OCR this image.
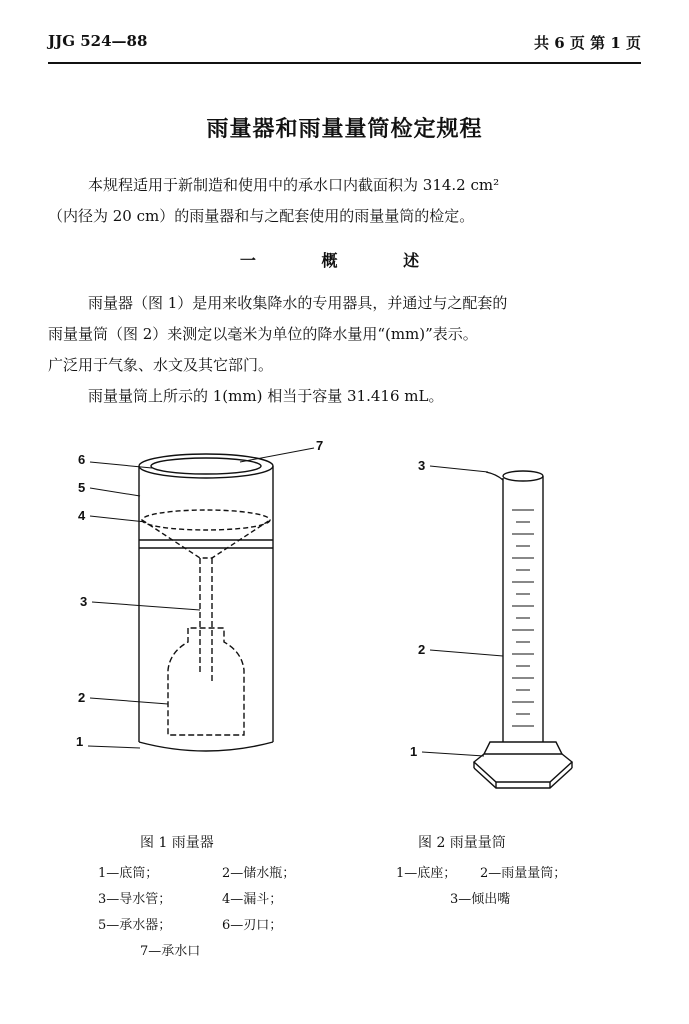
JJG 524—88	共 6 页 第 1 页
雨量器和雨量量筒检定规程
本规程适用于新制造和使用中的承水口内截面积为 314.2 cm²
（内径为 20 cm）的雨量器和与之配套使用的雨量量筒的检定。
一 概 述
雨量器（图 1）是用来收集降水的专用器具，并通过与之配套的
雨量量筒（图 2）来测定以毫米为单位的降水量用“(mm)”表示。
广泛用于气象、水文及其它部门。
雨量量筒上所示的 1(mm) 相当于容量 31.416 mL。
1
2
3
4
5
6
7
3
2
1
图 1 雨量器
1—底筒；	2—储水瓶；
3—导水管；	4—漏斗；
5—承水器；	6—刃口；
7—承水口
图 2 雨量量筒
1—底座； 2—雨量量筒；
3—倾出嘴
